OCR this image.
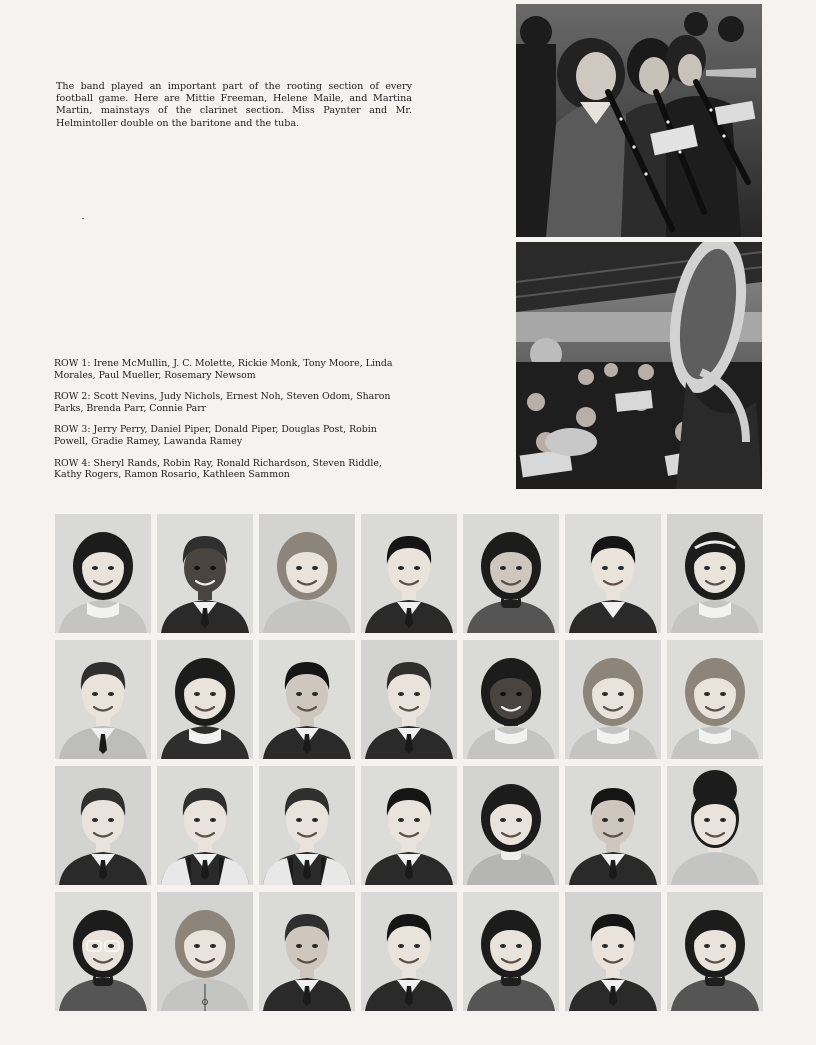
The band played an important part of the rooting section of every football game. Here are Mittie Freeman, Helene Maile, and Martina Martin, mainstays of the clarinet section. Miss Paynter and Mr. Helmintoller double on the baritone and the tuba.

ROW 1: Irene McMullin, J. C. Molette, Rickie Monk, Tony Moore, Linda Morales, Paul Mueller, Rosemary Newsom

ROW 2: Scott Nevins, Judy Nichols, Ernest Noh, Steven Odom, Sharon Parks, Brenda Parr, Connie Parr

ROW 3: Jerry Perry, Daniel Piper, Donald Piper, Douglas Post, Robin Powell, Gradie Ramey, Lawanda Ramey

ROW 4: Sheryl Rands, Robin Ray, Ronald Richardson, Steven Riddle, Kathy Rogers, Ramon Rosario, Kathleen Sammon
